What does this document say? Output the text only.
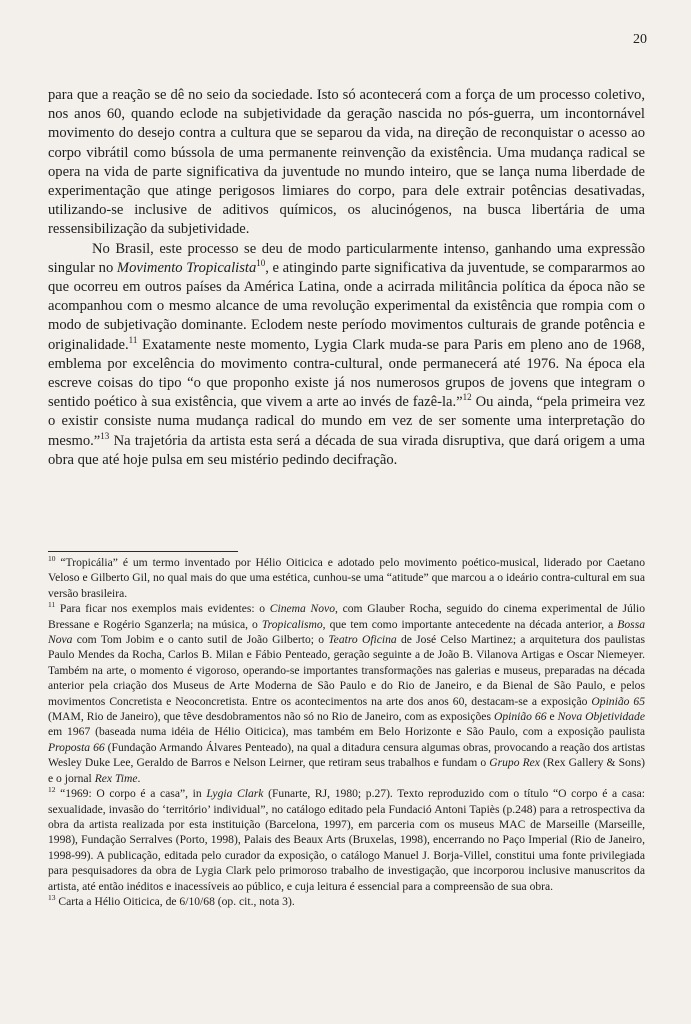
20

para que a reação se dê no seio da sociedade. Isto só acontecerá com a força de um processo coletivo, nos anos 60, quando eclode na subjetividade da geração nascida no pós-guerra, um incontornável movimento do desejo contra a cultura que se separou da vida, na direção de reconquistar o acesso ao corpo vibrátil como bússola de uma permanente reinvenção da existência. Uma mudança radical se opera na vida de parte significativa da juventude no mundo inteiro, que se lança numa liberdade de experimentação que atinge perigosos limiares do corpo, para dele extrair potências desativadas, utilizando-se inclusive de aditivos químicos, os alucinógenos, na busca libertária de uma ressensibilização da subjetividade.

No Brasil, este processo se deu de modo particularmente intenso, ganhando uma expressão singular no Movimento Tropicalista$^{10}$, e atingindo parte significativa da juventude, se compararmos ao que ocorreu em outros países da América Latina, onde a acirrada militância política da época não se acompanhou com o mesmo alcance de uma revolução experimental da existência que rompia com o modo de subjetivação dominante. Eclodem neste período movimentos culturais de grande potência e originalidade.$^{11}$ Exatamente neste momento, Lygia Clark muda-se para Paris em pleno ano de 1968, emblema por excelência do movimento contra-cultural, onde permanecerá até 1976. Na época ela escreve coisas do tipo “o que proponho existe já nos numerosos grupos de jovens que integram o sentido poético à sua existência, que vivem a arte ao invés de fazê-la.”$^{12}$ Ou ainda, “pela primeira vez o existir consiste numa mudança radical do mundo em vez de ser somente uma interpretação do mesmo.”$^{13}$ Na trajetória da artista esta será a década de sua virada disruptiva, que dará origem a uma obra que até hoje pulsa em seu mistério pedindo decifração.

$^{10}$ “Tropicália” é um termo inventado por Hélio Oiticica e adotado pelo movimento poético-musical, liderado por Caetano Veloso e Gilberto Gil, no qual mais do que uma estética, cunhou-se uma “atitude” que marcou a o ideário contra-cultural em sua versão brasileira.

$^{11}$ Para ficar nos exemplos mais evidentes: o Cinema Novo, com Glauber Rocha, seguido do cinema experimental de Júlio Bressane e Rogério Sganzerla; na música, o Tropicalismo, que tem como importante antecedente na década anterior, a Bossa Nova com Tom Jobim e o canto sutil de João Gilberto; o Teatro Oficina de José Celso Martinez; a arquitetura dos paulistas Paulo Mendes da Rocha, Carlos B. Milan e Fábio Penteado, geração seguinte a de João B. Vilanova Artigas e Oscar Niemeyer. Também na arte, o momento é vigoroso, operando-se importantes transformações nas galerias e museus, preparadas na década anterior pela criação dos Museus de Arte Moderna de São Paulo e do Rio de Janeiro, e da Bienal de São Paulo, e pelos movimentos Concretista e Neoconcretista. Entre os acontecimentos na arte dos anos 60, destacam-se a exposição Opinião 65 (MAM, Rio de Janeiro), que têve desdobramentos não só no Rio de Janeiro, com as exposições Opinião 66 e Nova Objetividade em 1967 (baseada numa idéia de Hélio Oiticica), mas também em Belo Horizonte e São Paulo, com a exposição paulista Proposta 66 (Fundação Armando Álvares Penteado), na qual a ditadura censura algumas obras, provocando a reação dos artistas Wesley Duke Lee, Geraldo de Barros e Nelson Leirner, que retiram seus trabalhos e fundam o Grupo Rex (Rex Gallery & Sons) e o jornal Rex Time.

$^{12}$ “1969: O corpo é a casa”, in Lygia Clark (Funarte, RJ, 1980; p.27). Texto reproduzido com o título “O corpo é a casa: sexualidade, invasão do ‘território’ individual”, no catálogo editado pela Fundació Antoni Tapiès (p.248) para a retrospectiva da obra da artista realizada por esta instituição (Barcelona, 1997), em parceria com os museus MAC de Marseille (Marseille, 1998), Fundação Serralves (Porto, 1998), Palais des Beaux Arts (Bruxelas, 1998), encerrando no Paço Imperial (Rio de Janeiro, 1998-99). A publicação, editada pelo curador da exposição, o catálogo Manuel J. Borja-Villel, constitui uma fonte privilegiada para pesquisadores da obra de Lygia Clark pelo primoroso trabalho de investigação, que incorporou inclusive manuscritos da artista, até então inéditos e inacessíveis ao público, e cuja leitura é essencial para a compreensão de sua obra.

$^{13}$ Carta a Hélio Oiticica, de 6/10/68 (op. cit., nota 3).
